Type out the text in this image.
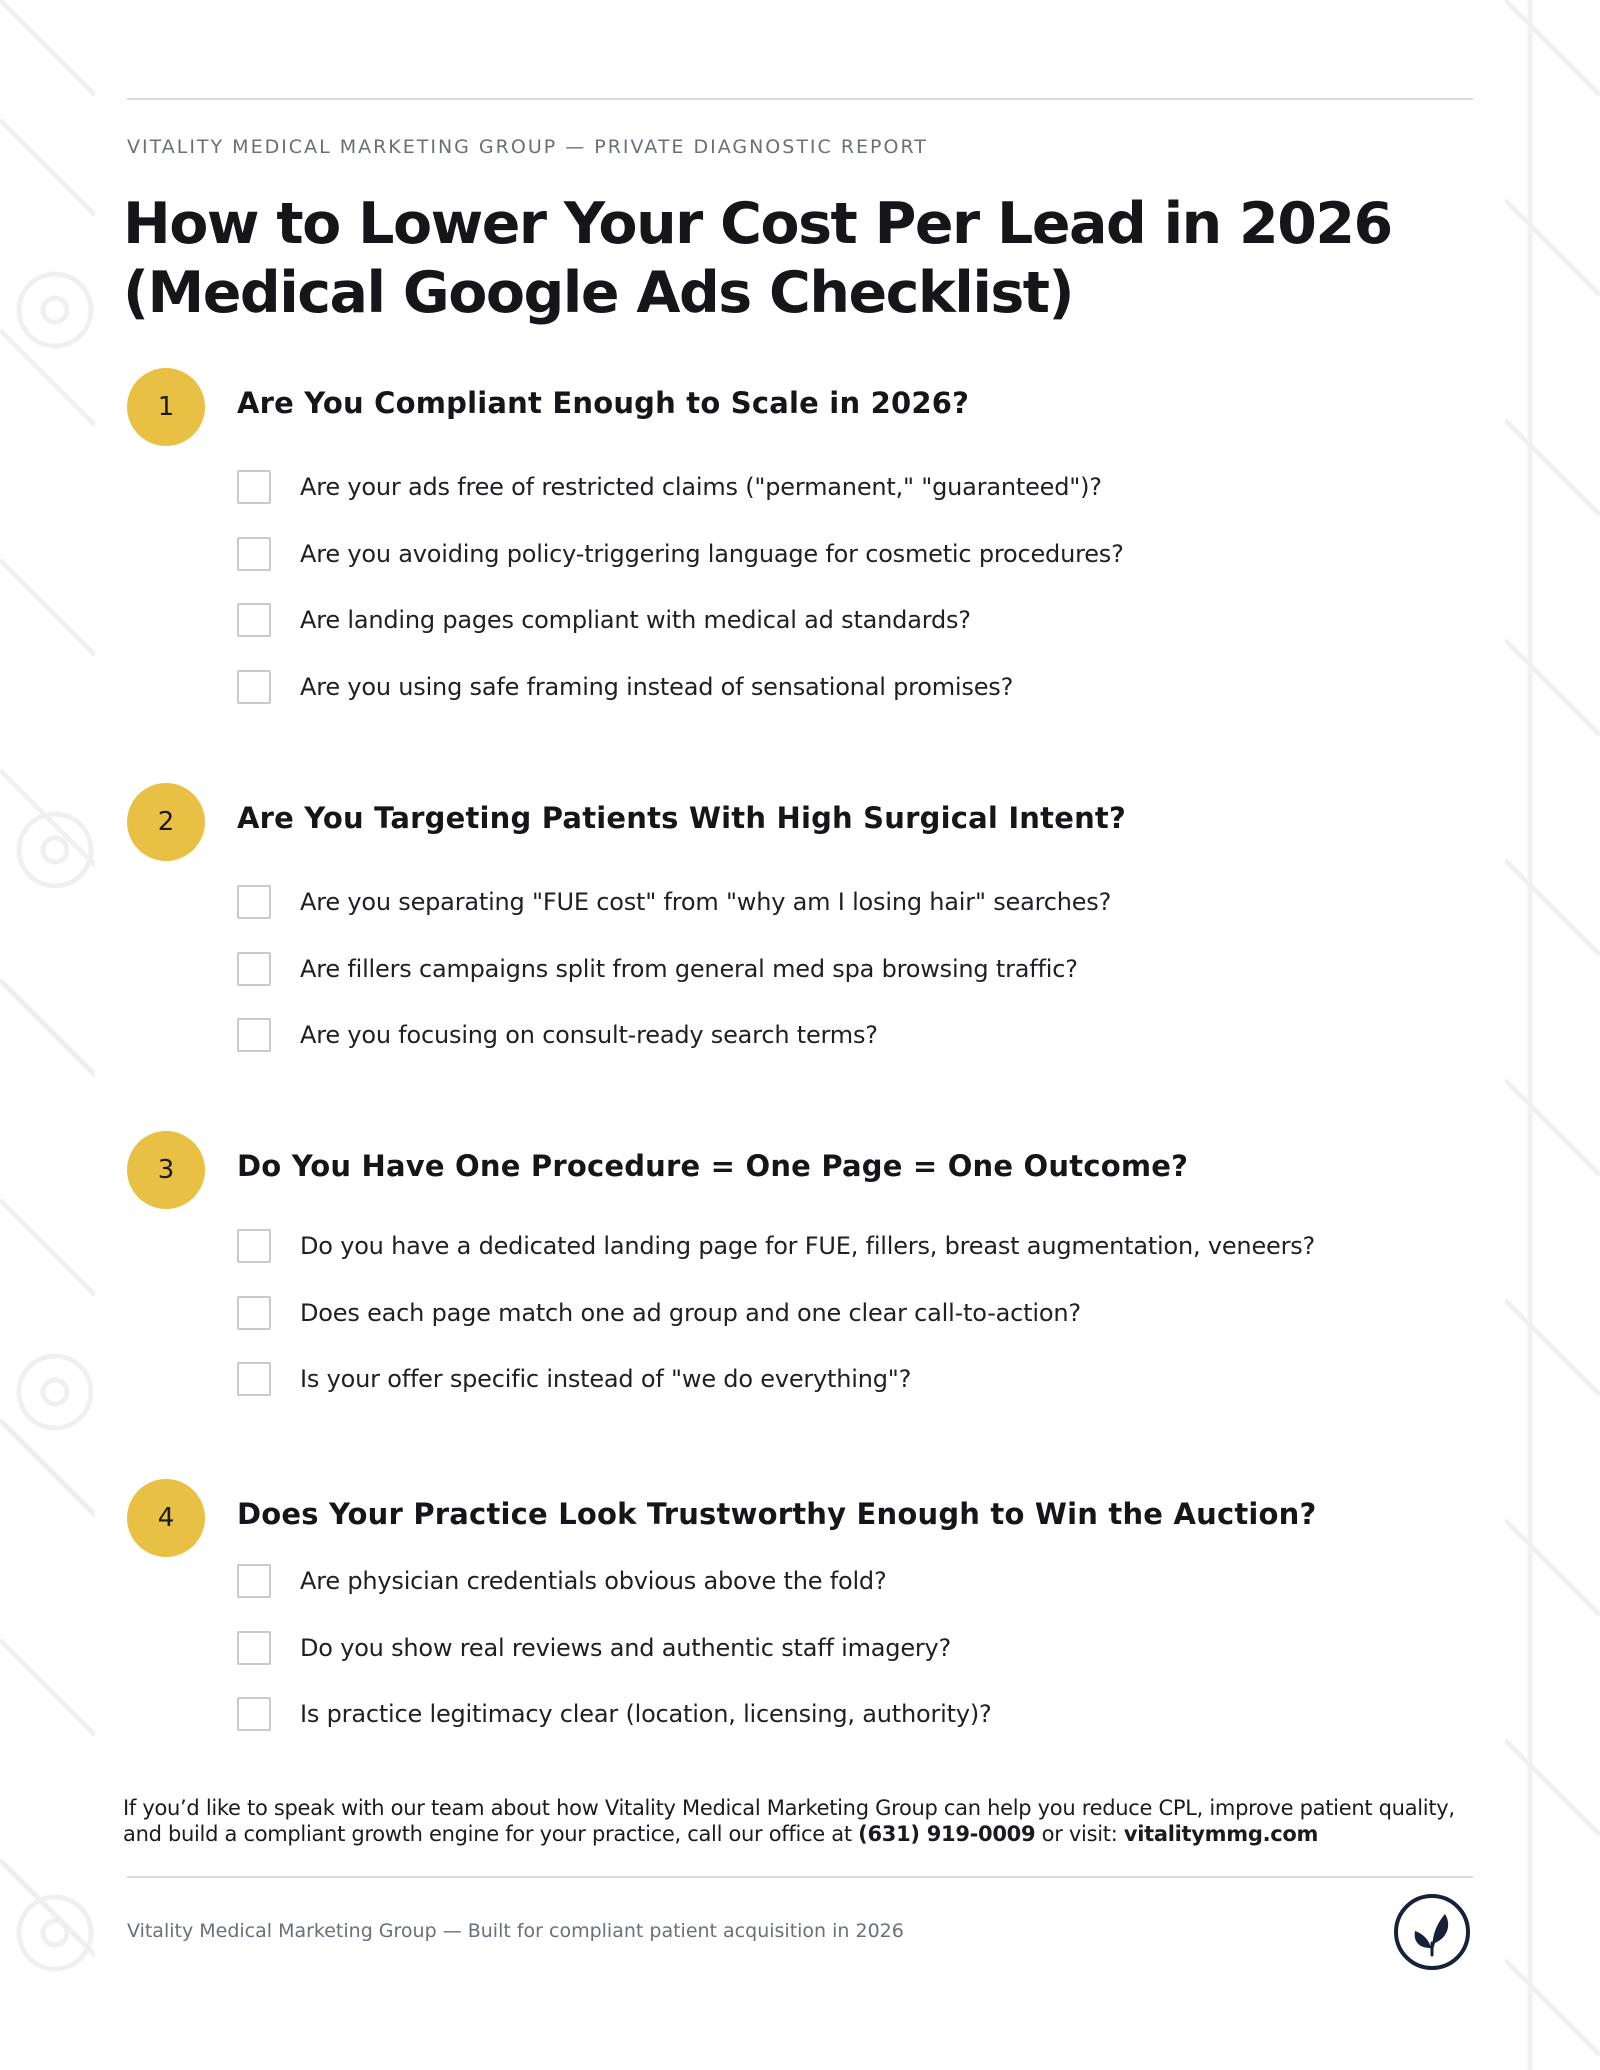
VITALITY MEDICAL MARKETING GROUP — PRIVATE DIAGNOSTIC REPORT
How to Lower Your Cost Per Lead in 2026
(Medical Google Ads Checklist)
1	Are You Compliant Enough to Scale in 2026?
Are your ads free of restricted claims ("permanent," "guaranteed")?
Are you avoiding policy-triggering language for cosmetic procedures?
Are landing pages compliant with medical ad standards?
Are you using safe framing instead of sensational promises?
2	Are You Targeting Patients With High Surgical Intent?
Are you separating "FUE cost" from "why am I losing hair" searches?
Are fillers campaigns split from general med spa browsing traffic?
Are you focusing on consult-ready search terms?
3	Do You Have One Procedure = One Page = One Outcome?
Do you have a dedicated landing page for FUE, fillers, breast augmentation, veneers?
Does each page match one ad group and one clear call-to-action?
Is your offer specific instead of "we do everything"?
4	Does Your Practice Look Trustworthy Enough to Win the Auction?
Are physician credentials obvious above the fold?
Do you show real reviews and authentic staff imagery?
Is practice legitimacy clear (location, licensing, authority)?
If you’d like to speak with our team about how Vitality Medical Marketing Group can help you reduce CPL, improve patient quality,
and build a compliant growth engine for your practice, call our office at (631) 919-0009 or visit: vitalitymmg.com
Vitality Medical Marketing Group — Built for compliant patient acquisition in 2026
